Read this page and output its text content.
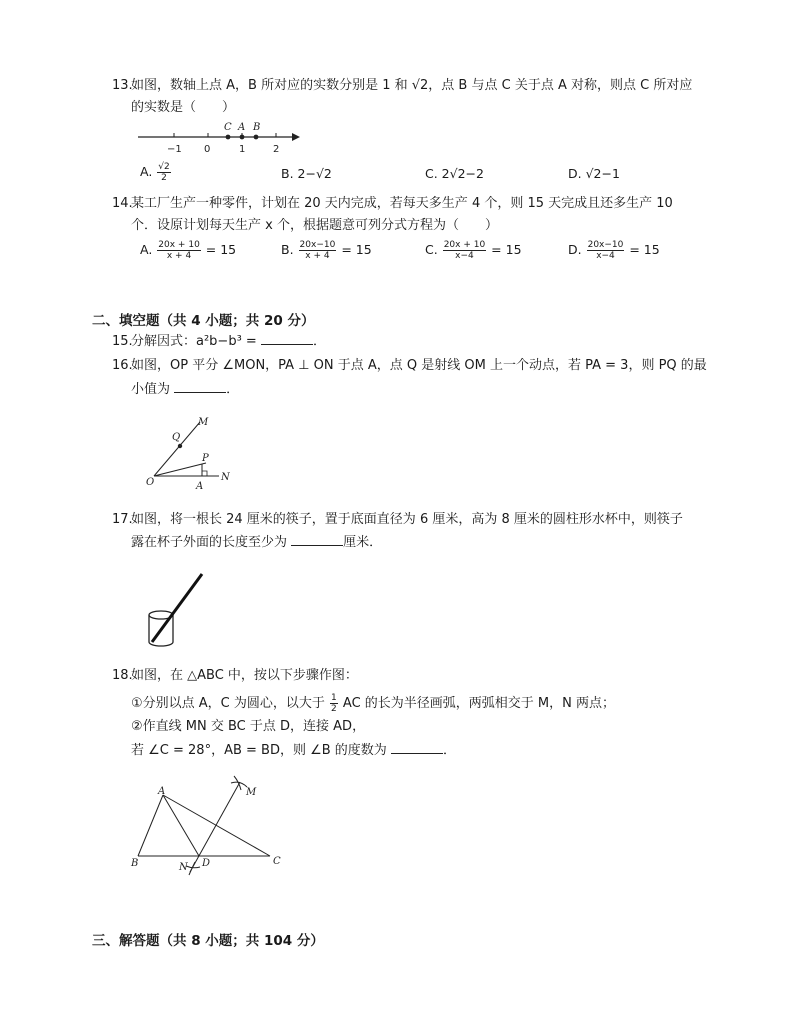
13.
如图，数轴上点 A，B 所对应的实数分别是 1 和 √2，点 B 与点 C 关于点 A 对称，则点 C 所对应
的实数是（　　）
C A B
−1 0	1	2
A. $\frac{√2}{2}$	B. 2−√2	C. 2√2−2	D. √2−1
14.
某工厂生产一种零件，计划在 20 天内完成，若每天多生产 4 个，则 15 天完成且还多生产 10
个．设原计划每天生产 x 个，根据题意可列分式方程为（　　）
A. $\frac{20x + 10}{x + 4} = 15$	B. $\frac{20x-10}{x + 4} = 15$	C. $\frac{20x + 10}{x-4} = 15$	D. $\frac{20x-10}{x-4} = 15$
二、填空题（共 4 小题；共 20 分）
15.
分解因式：a²b−b³ =	．
16.
如图，OP 平分 ∠MON，PA ⊥ ON 于点 A，点 Q 是射线 OM 上一个动点，若 PA = 3，则 PQ 的最
小值为	．
Q
M
P
O	A
N
17.
如图，将一根长 24 厘米的筷子，置于底面直径为 6 厘米，高为 8 厘米的圆柱形水杯中，则筷子
露在杯子外面的长度至少为	厘米．
18.
如图，在 △ABC 中，按以下步骤作图：
①分别以点 A，C 为圆心，以大于 $\frac{1}{2}$ AC 的长为半径画弧，两弧相交于 M，N 两点；
②作直线 MN 交 BC 于点 D，连接 AD，
若 ∠C = 28°，AB = BD，则 ∠B 的度数为	．
A	M
B	N D	C
三、解答题（共 8 小题；共 104 分）
